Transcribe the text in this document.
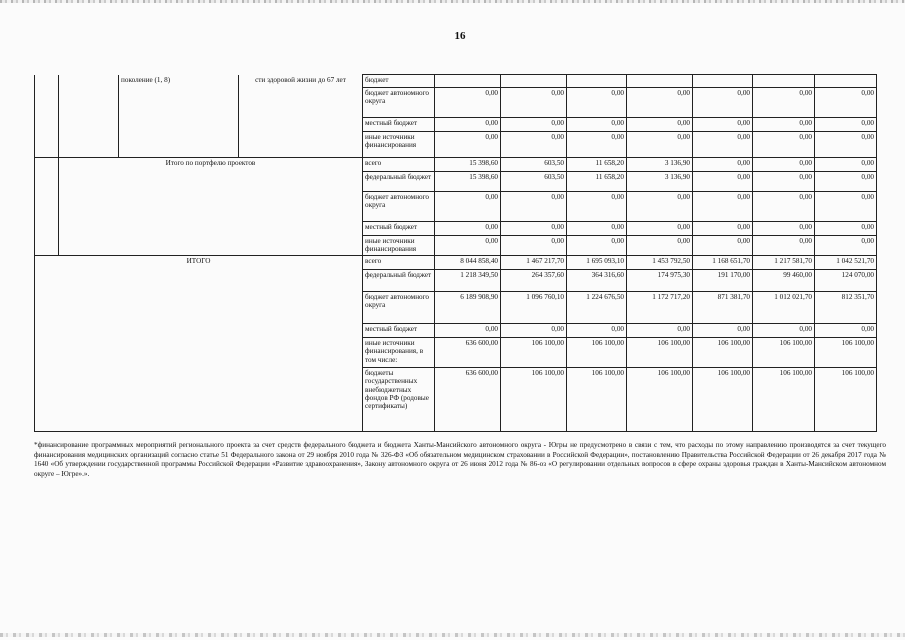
16
		поколение (1, 8)	сти здоровой жизни до 67 лет	бюджет							
				бюджет автономного округа	0,00	0,00	0,00	0,00	0,00	0,00	0,00
				местный бюджет	0,00	0,00	0,00	0,00	0,00	0,00	0,00
				иные источники финансирования	0,00	0,00	0,00	0,00	0,00	0,00	0,00
	Итого по портфелю проектов			всего	15 398,60	603,50	11 658,20	3 136,90	0,00	0,00	0,00
				федеральный бюджет	15 398,60	603,50	11 658,20	3 136,90	0,00	0,00	0,00
				бюджет автономного округа	0,00	0,00	0,00	0,00	0,00	0,00	0,00
				местный бюджет	0,00	0,00	0,00	0,00	0,00	0,00	0,00
				иные источники финансирования	0,00	0,00	0,00	0,00	0,00	0,00	0,00
ИТОГО				всего	8 044 858,40	1 467 217,70	1 695 093,10	1 453 792,50	1 168 651,70	1 217 581,70	1 042 521,70
				федеральный бюджет	1 218 349,50	264 357,60	364 316,60	174 975,30	191 170,00	99 460,00	124 070,00
				бюджет автономного округа	6 189 908,90	1 096 760,10	1 224 676,50	1 172 717,20	871 381,70	1 012 021,70	812 351,70
				местный бюджет	0,00	0,00	0,00	0,00	0,00	0,00	0,00
				иные источники финансирования, в том числе:	636 600,00	106 100,00	106 100,00	106 100,00	106 100,00	106 100,00	106 100,00
				бюджеты государственных внебюджетных фондов РФ (родовые сертификаты)	636 600,00	106 100,00	106 100,00	106 100,00	106 100,00	106 100,00	106 100,00

*финансирование программных мероприятий регионального проекта за счет средств федерального бюджета и бюджета Ханты-Мансийского автономного округа - Югры не предусмотрено в связи с тем, что расходы по этому направлению производятся за счет текущего финансирования медицинских организаций согласно статье 51 Федерального закона от 29 ноября 2010 года № 326-ФЗ «Об обязательном медицинском страховании в Российской Федерации», постановлению Правительства Российской Федерации от 26 декабря 2017 года № 1640 «Об утверждении государственной программы Российской Федерации «Развитие здравоохранения», Закону автономного округа от 26 июня 2012 года № 86-оз «О регулировании отдельных вопросов в сфере охраны здоровья граждан в Ханты-Мансийском автономном округе – Югре».».
